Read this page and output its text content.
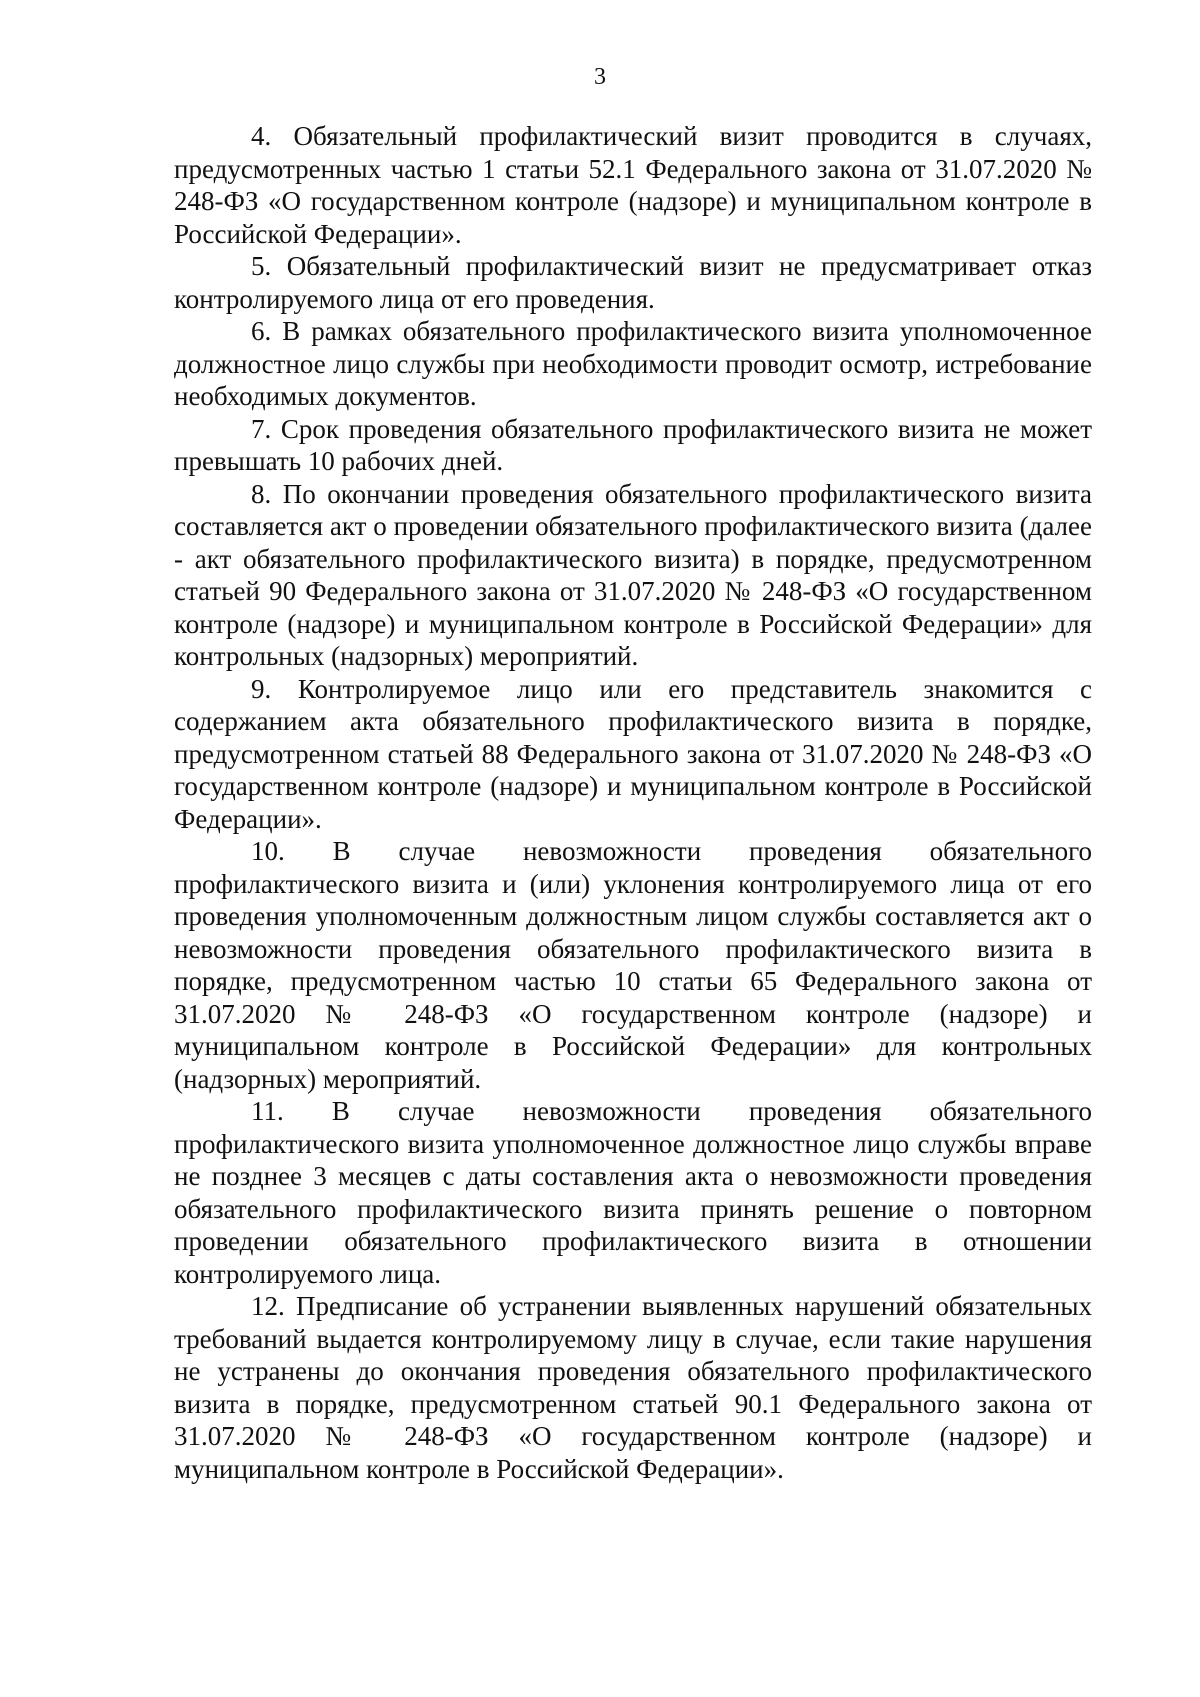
3

4. Обязательный профилактический визит проводится в случаях, предусмотренных частью 1 статьи 52.1 Федерального закона от 31.07.2020 № 248-ФЗ «О государственном контроле (надзоре) и муниципальном контроле в Российской Федерации».

5. Обязательный профилактический визит не предусматривает отказ контролируемого лица от его проведения.

6. В рамках обязательного профилактического визита уполномоченное должностное лицо службы при необходимости проводит осмотр, истребование необходимых документов.

7. Срок проведения обязательного профилактического визита не может превышать 10 рабочих дней.

8. По окончании проведения обязательного профилактического визита составляется акт о проведении обязательного профилактического визита (далее - акт обязательного профилактического визита) в порядке, предусмотренном статьей 90 Федерального закона от 31.07.2020 № 248-ФЗ «О государственном контроле (надзоре) и муниципальном контроле в Российской Федерации» для контрольных (надзорных) мероприятий.

9. Контролируемое лицо или его представитель знакомится с содержанием акта обязательного профилактического визита в порядке, предусмотренном статьей 88 Федерального закона от 31.07.2020 № 248-ФЗ «О государственном контроле (надзоре) и муниципальном контроле в Российской Федерации».

10. В случае невозможности проведения обязательного профилактического визита и (или) уклонения контролируемого лица от его проведения уполномоченным должностным лицом службы составляется акт о невозможности проведения обязательного профилактического визита в порядке, предусмотренном частью 10 статьи 65 Федерального закона от 31.07.2020 № 248-ФЗ «О государственном контроле (надзоре) и муниципальном контроле в Российской Федерации» для контрольных (надзорных) мероприятий.

11. В случае невозможности проведения обязательного профилактического визита уполномоченное должностное лицо службы вправе не позднее 3 месяцев с даты составления акта о невозможности проведения обязательного профилактического визита принять решение о повторном проведении обязательного профилактического визита в отношении контролируемого лица.

12. Предписание об устранении выявленных нарушений обязательных требований выдается контролируемому лицу в случае, если такие нарушения не устранены до окончания проведения обязательного профилактического визита в порядке, предусмотренном статьей 90.1 Федерального закона от 31.07.2020 № 248-ФЗ «О государственном контроле (надзоре) и муниципальном контроле в Российской Федерации».
